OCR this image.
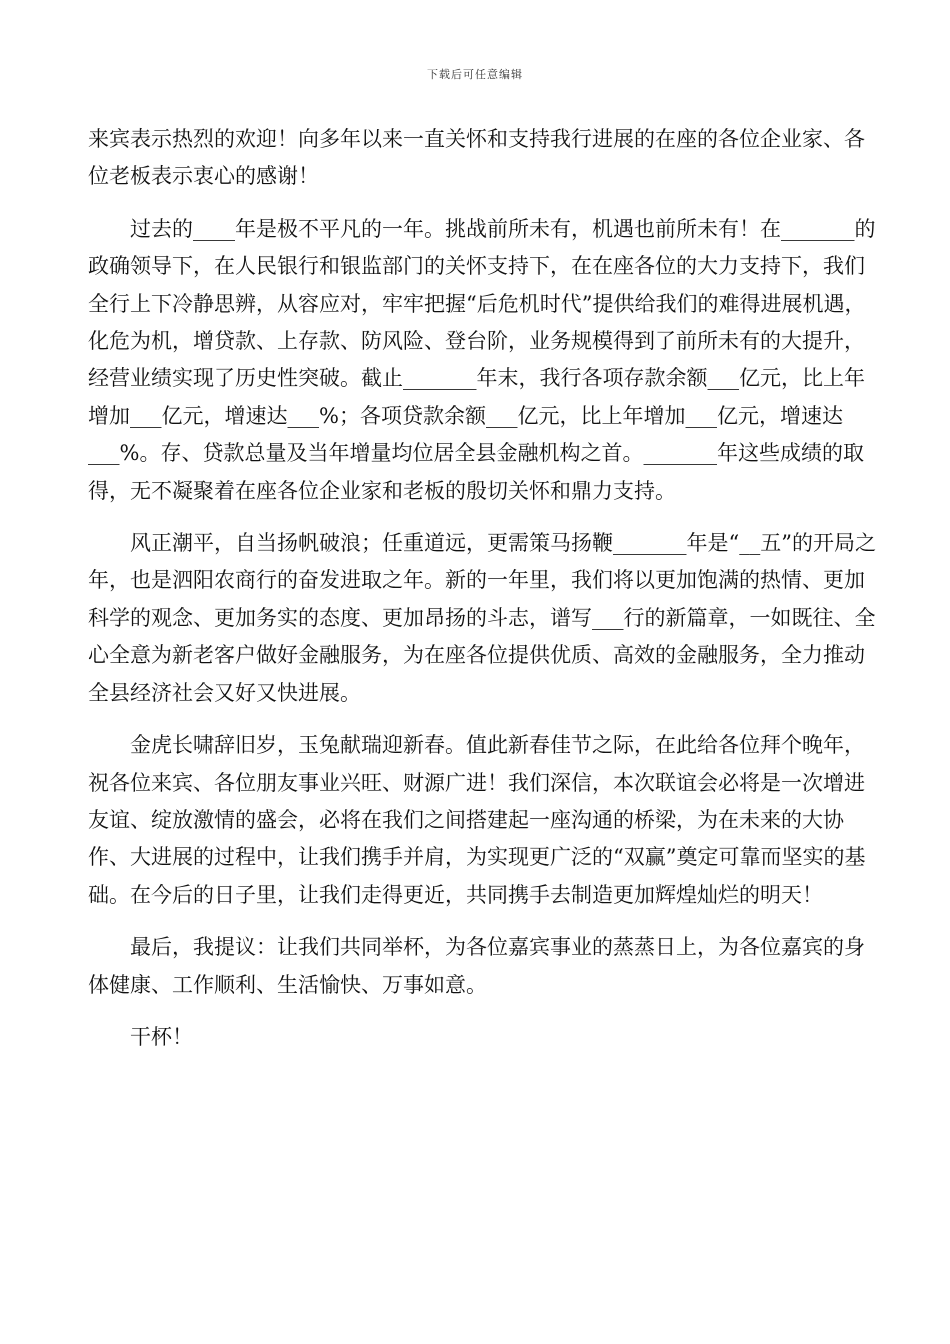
下载后可任意编辑

来宾表示热烈的欢迎！向多年以来一直关怀和支持我行进展的在座的各位企业家、各位老板表示衷心的感谢！

过去的____年是极不平凡的一年。挑战前所未有，机遇也前所未有！在_______的政确领导下，在人民银行和银监部门的关怀支持下，在在座各位的大力支持下，我们全行上下冷静思辨，从容应对，牢牢把握“后危机时代”提供给我们的难得进展机遇，化危为机，增贷款、上存款、防风险、登台阶，业务规模得到了前所未有的大提升，经营业绩实现了历史性突破。截止_______年末，我行各项存款余额___亿元，比上年增加___亿元，增速达___%；各项贷款余额___亿元，比上年增加___亿元，增速达___%。存、贷款总量及当年增量均位居全县金融机构之首。_______年这些成绩的取得，无不凝聚着在座各位企业家和老板的殷切关怀和鼎力支持。

风正潮平，自当扬帆破浪；任重道远，更需策马扬鞭_______年是“__五”的开局之年，也是泗阳农商行的奋发进取之年。新的一年里，我们将以更加饱满的热情、更加科学的观念、更加务实的态度、更加昂扬的斗志，谱写___行的新篇章，一如既往、全心全意为新老客户做好金融服务，为在座各位提供优质、高效的金融服务，全力推动全县经济社会又好又快进展。

金虎长啸辞旧岁，玉兔献瑞迎新春。值此新春佳节之际，在此给各位拜个晚年，祝各位来宾、各位朋友事业兴旺、财源广进！我们深信，本次联谊会必将是一次增进友谊、绽放激情的盛会，必将在我们之间搭建起一座沟通的桥梁，为在未来的大协作、大进展的过程中，让我们携手并肩，为实现更广泛的“双赢”奠定可靠而坚实的基础。在今后的日子里，让我们走得更近，共同携手去制造更加辉煌灿烂的明天！

最后，我提议：让我们共同举杯，为各位嘉宾事业的蒸蒸日上，为各位嘉宾的身体健康、工作顺利、生活愉快、万事如意。

干杯！
